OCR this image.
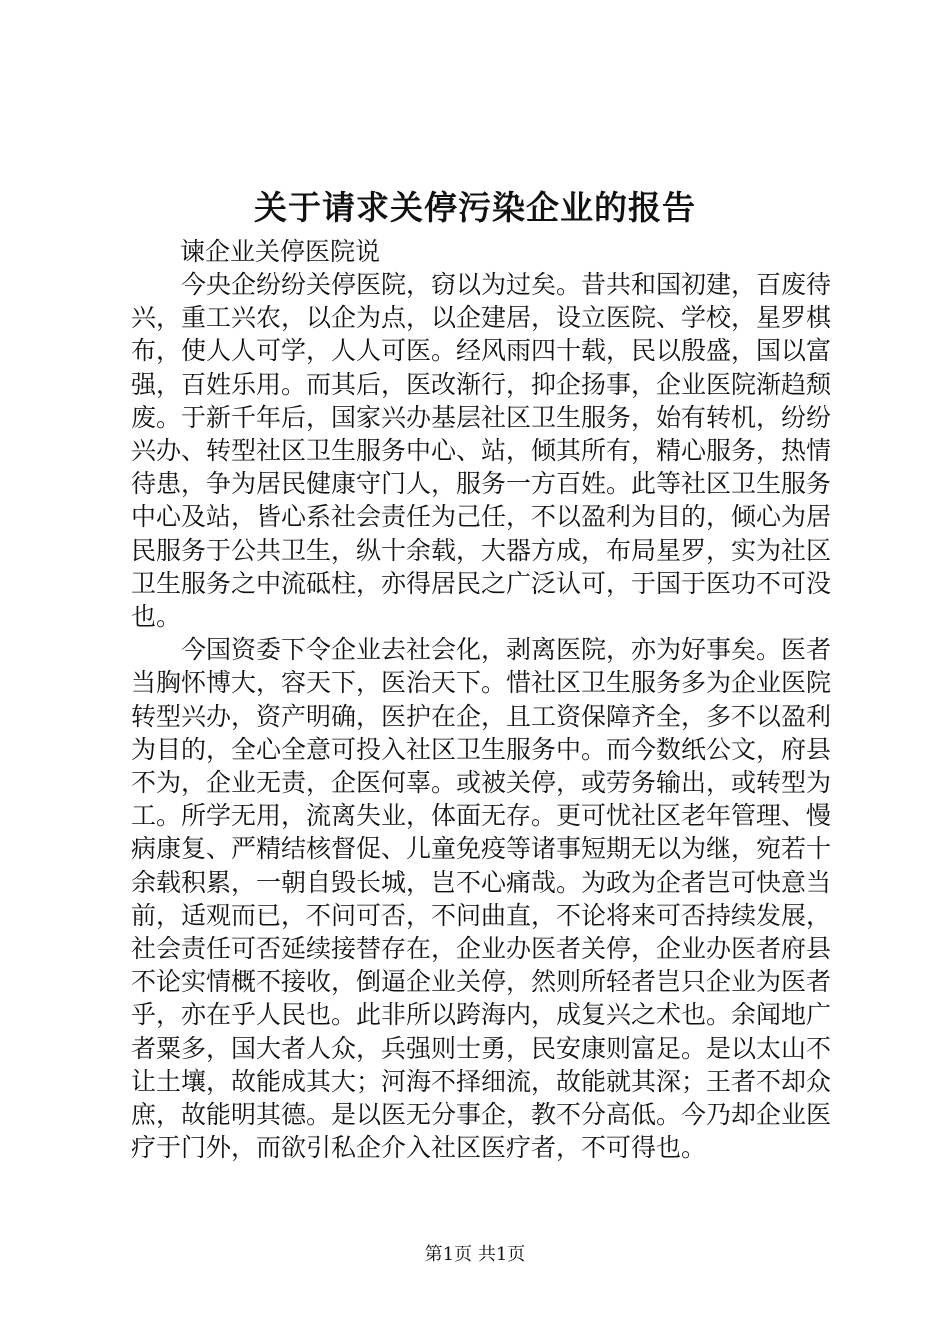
关于请求关停污染企业的报告
谏企业关停医院说

今央企纷纷关停医院，窃以为过矣。昔共和国初建，百废待兴，重工兴农，以企为点，以企建居，设立医院、学校，星罗棋布，使人人可学，人人可医。经风雨四十载，民以殷盛，国以富强，百姓乐用。而其后，医改渐行，抑企扬事，企业医院渐趋颓废。于新千年后，国家兴办基层社区卫生服务，始有转机，纷纷兴办、转型社区卫生服务中心、站，倾其所有，精心服务，热情待患，争为居民健康守门人，服务一方百姓。此等社区卫生服务中心及站，皆心系社会责任为己任，不以盈利为目的，倾心为居民服务于公共卫生，纵十余载，大器方成，布局星罗，实为社区卫生服务之中流砥柱，亦得居民之广泛认可，于国于医功不可没也。

今国资委下令企业去社会化，剥离医院，亦为好事矣。医者当胸怀博大，容天下，医治天下。惜社区卫生服务多为企业医院转型兴办，资产明确，医护在企，且工资保障齐全，多不以盈利为目的，全心全意可投入社区卫生服务中。而今数纸公文，府县不为，企业无责，企医何辜。或被关停，或劳务输出，或转型为工。所学无用，流离失业，体面无存。更可忧社区老年管理、慢病康复、严精结核督促、儿童免疫等诸事短期无以为继，宛若十余载积累，一朝自毁长城，岂不心痛哉。为政为企者岂可快意当前，适观而已，不问可否，不问曲直，不论将来可否持续发展，社会责任可否延续接替存在，企业办医者关停，企业办医者府县不论实情概不接收，倒逼企业关停，然则所轻者岂只企业为医者乎，亦在乎人民也。此非所以跨海内，成复兴之术也。余闻地广者粟多，国大者人众，兵强则士勇，民安康则富足。是以太山不让土壤，故能成其大；河海不择细流，故能就其深；王者不却众庶，故能明其德。是以医无分事企，教不分高低。今乃却企业医疗于门外，而欲引私企介入社区医疗者，不可得也。

第1页 共1页
